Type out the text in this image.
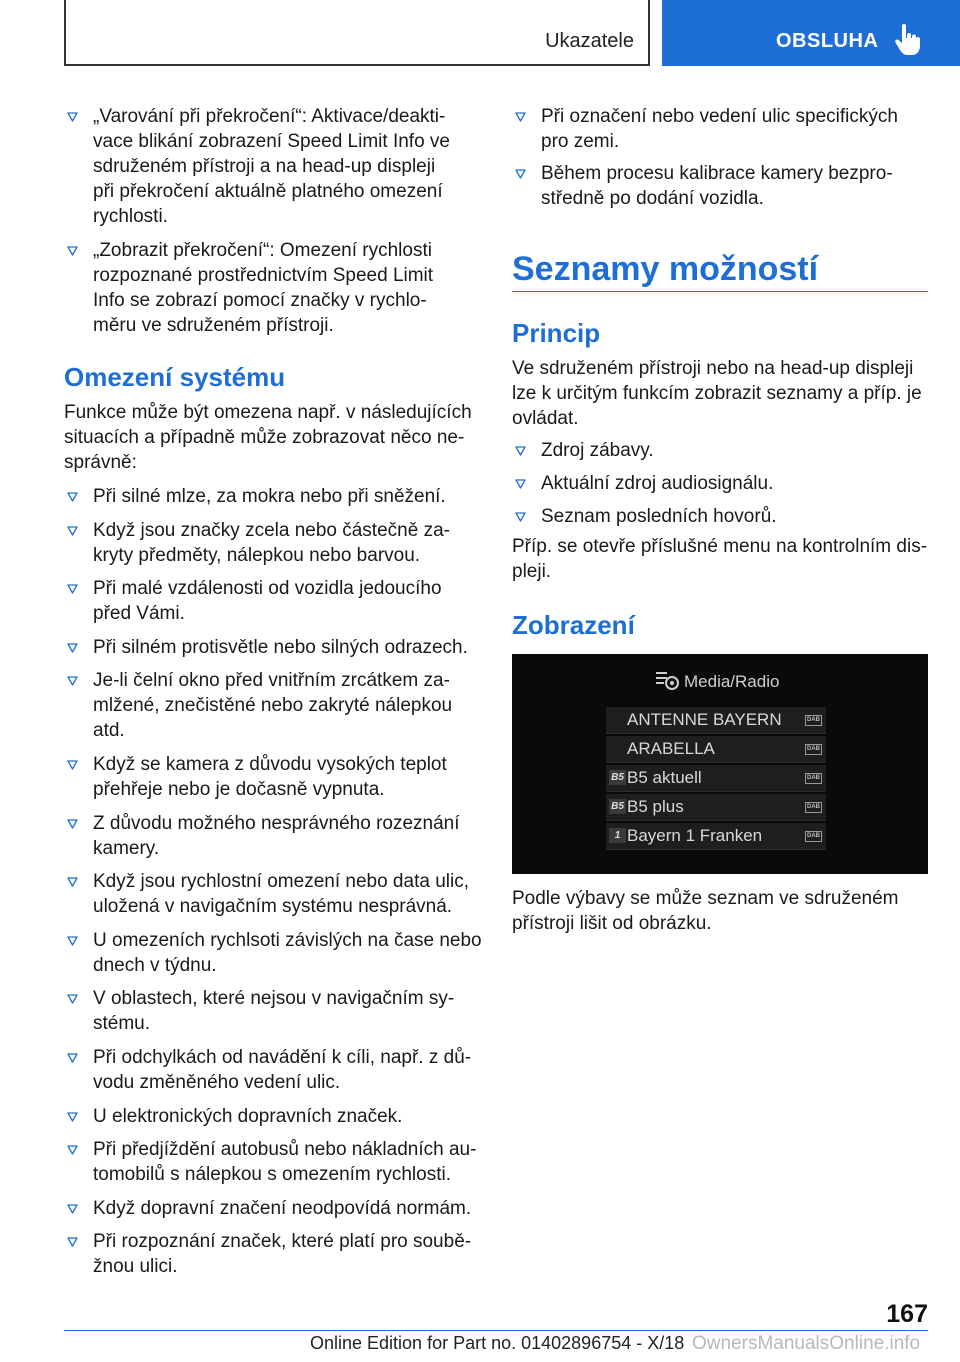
Ukazatele	OBSLUHA
„Varování při překročení“: Aktivace/deakti-
vace blikání zobrazení Speed Limit Info ve
sdruženém přístroji a na head-up displeji
při překročení aktuálně platného omezení
rychlosti.
„Zobrazit překročení“: Omezení rychlosti
rozpoznané prostřednictvím Speed Limit
Info se zobrazí pomocí značky v rychlo-
měru ve sdruženém přístroji.
Omezení systému
Funkce může být omezena např. v následujících
situacích a případně může zobrazovat něco ne-
správně:
Při silné mlze, za mokra nebo při sněžení.
Když jsou značky zcela nebo částečně za-
kryty předměty, nálepkou nebo barvou.
Při malé vzdálenosti od vozidla jedoucího
před Vámi.
Při silném protisvětle nebo silných odrazech.
Je-li čelní okno před vnitřním zrcátkem za-
mlžené, znečistěné nebo zakryté nálepkou
atd.
Když se kamera z důvodu vysokých teplot
přehřeje nebo je dočasně vypnuta.
Z důvodu možného nesprávného rozeznání
kamery.
Když jsou rychlostní omezení nebo data ulic,
uložená v navigačním systému nesprávná.
U omezeních rychlsoti závislých na čase nebo
dnech v týdnu.
V oblastech, které nejsou v navigačním sy-
stému.
Při odchylkách od navádění k cíli, např. z dů-
vodu změněného vedení ulic.
U elektronických dopravních značek.
Při předjíždění autobusů nebo nákladních au-
tomobilů s nálepkou s omezením rychlosti.
Když dopravní značení neodpovídá normám.
Při rozpoznání značek, které platí pro soubě-
žnou ulici.
Při označení nebo vedení ulic specifických
pro zemi.
Během procesu kalibrace kamery bezpro-
středně po dodání vozidla.
Seznamy možností
Princip
Ve sdruženém přístroji nebo na head-up displeji
lze k určitým funkcím zobrazit seznamy a příp. je
ovládat.
Zdroj zábavy.
Aktuální zdroj audiosignálu.
Seznam posledních hovorů.
Příp. se otevře příslušné menu na kontrolním dis-
pleji.
Zobrazení
Podle výbavy se může seznam ve sdruženém
přístroji lišit od obrázku.
Media/Radio
ANTENNE BAYERN	DAB
ARABELLA	DAB
B5 B5 aktuell	DAB
B5 B5 plus	DAB
1 Bayern 1 Franken	DAB
167
Online Edition for Part no. 01402896754 - X/18 OwnersManualsOnline.info
